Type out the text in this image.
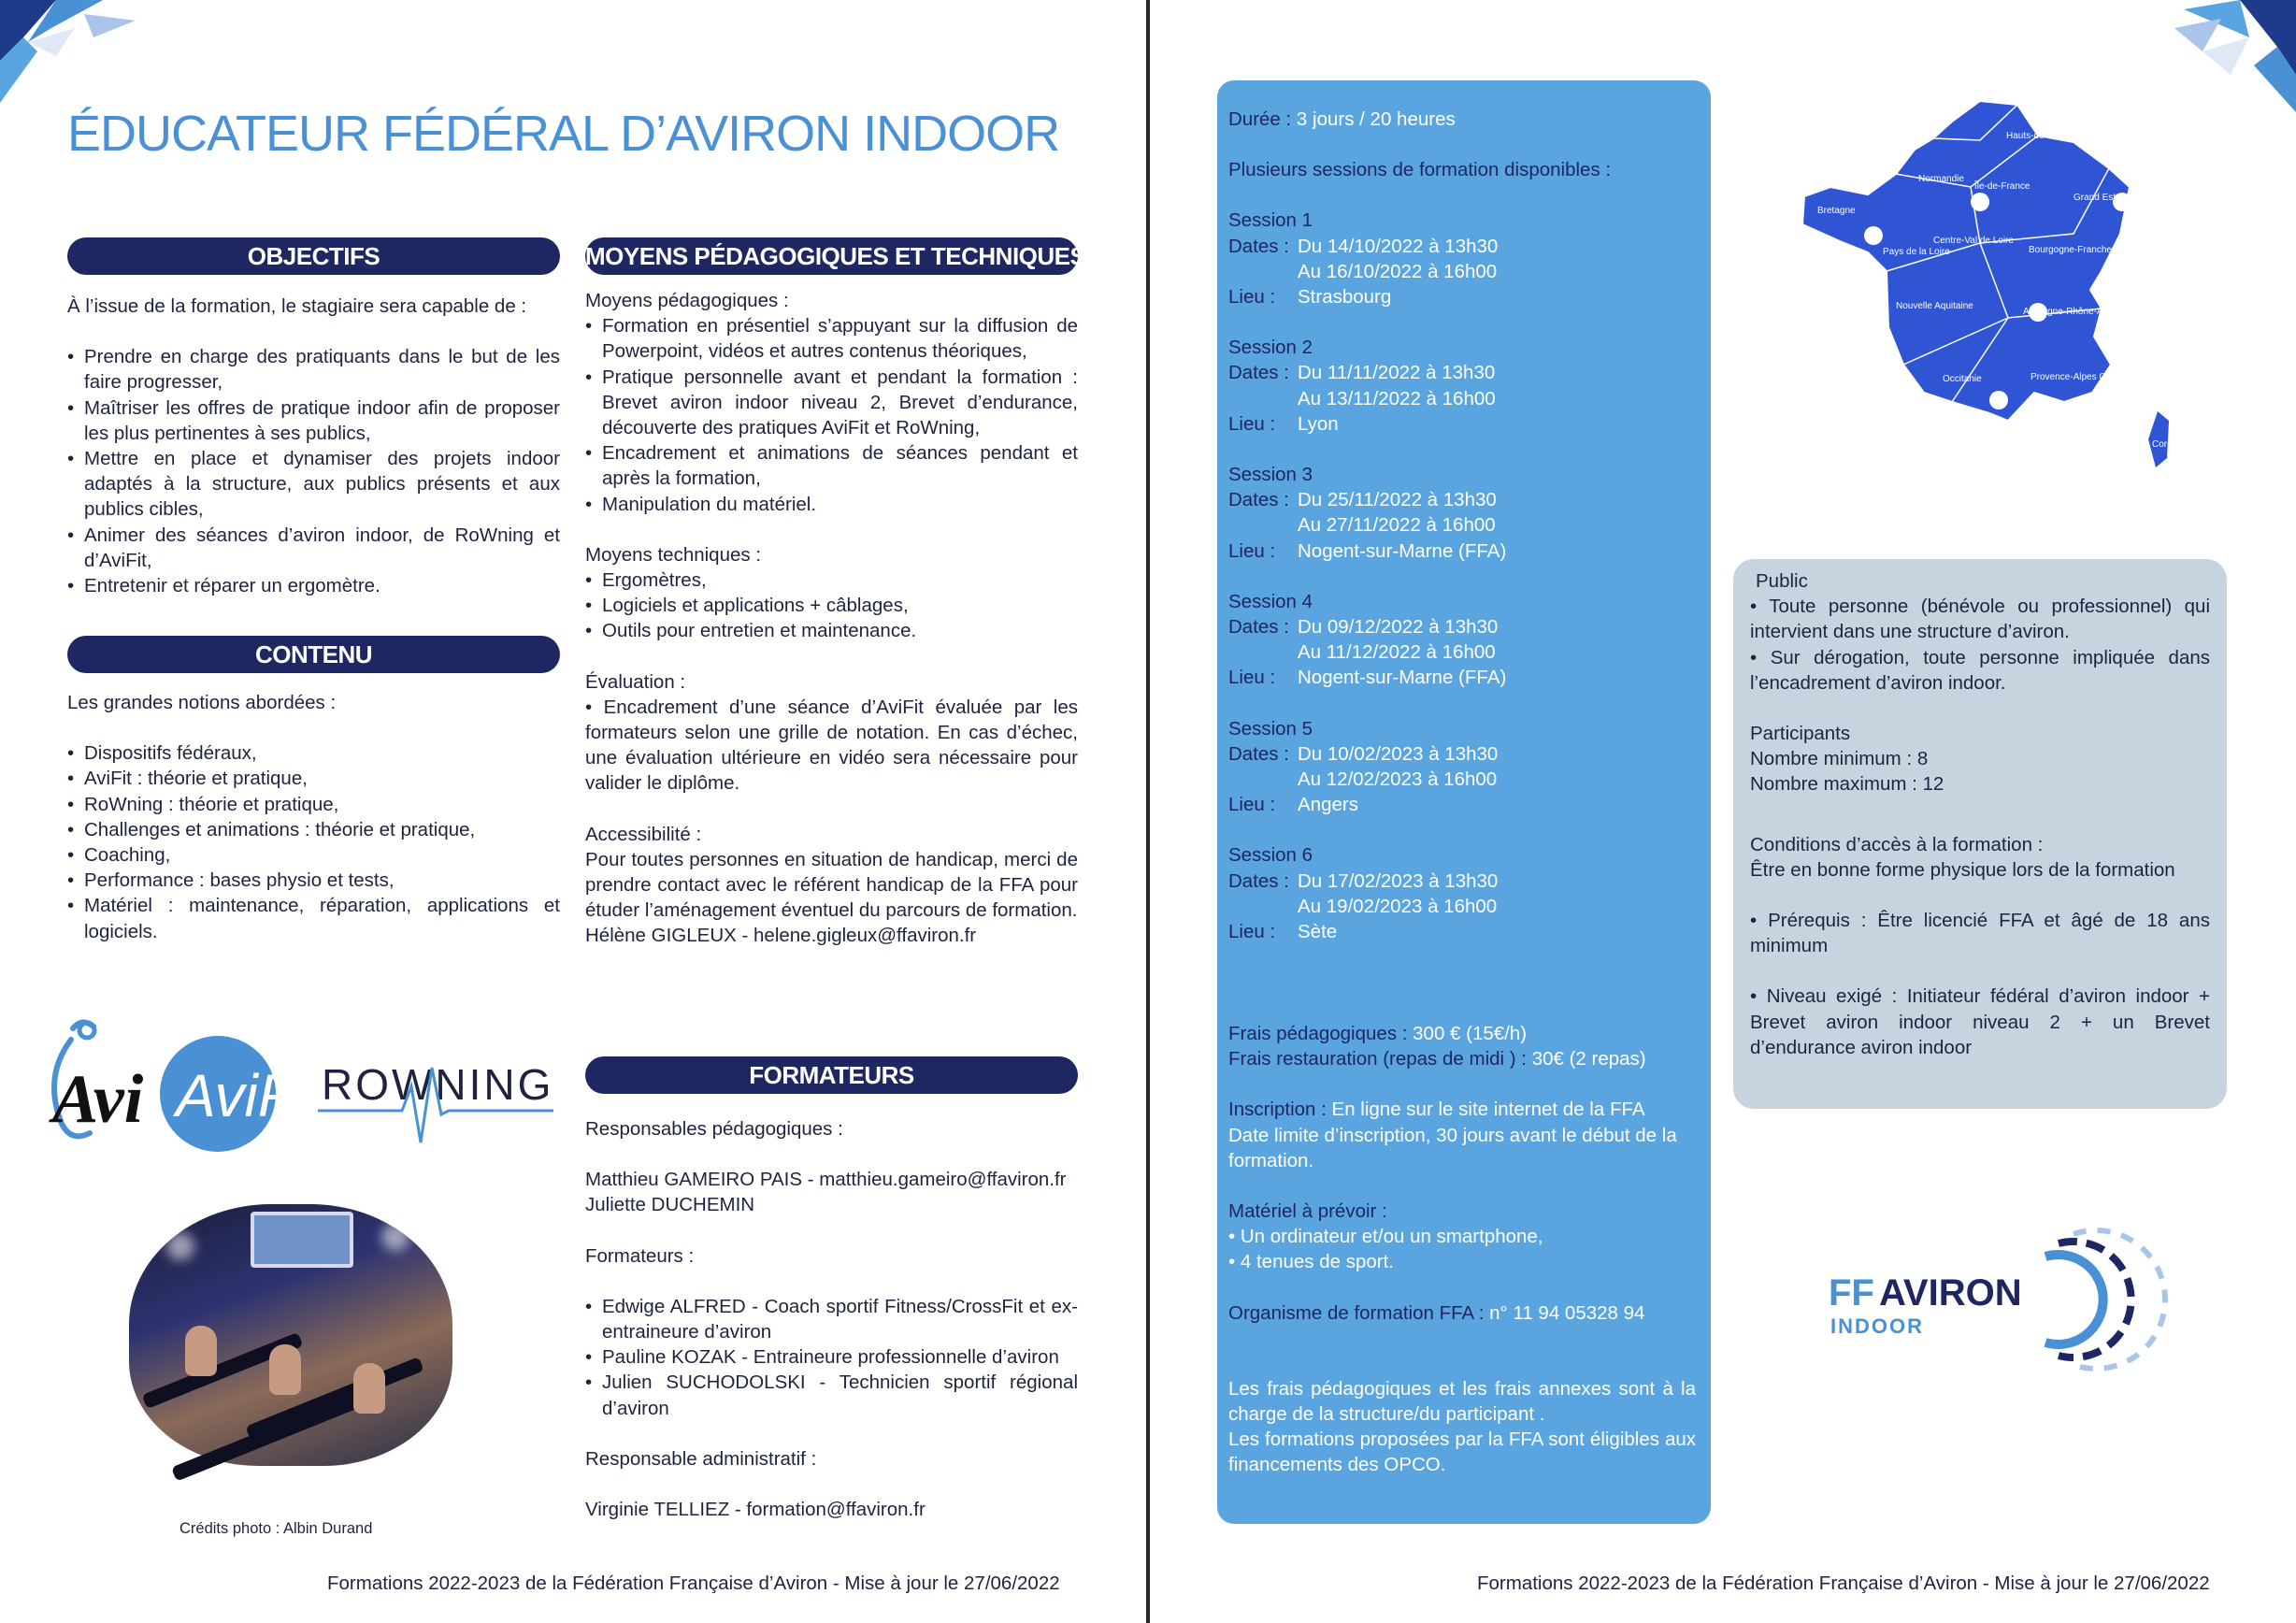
ÉDUCATEUR FÉDÉRAL D’AVIRON INDOOR
OBJECTIFS

À l’issue de la formation, le stagiaire sera capable de :

• Prendre en charge des pratiquants dans le but de les faire progresser,
• Maîtriser les offres de pratique indoor afin de proposer les plus pertinentes à ses publics,
• Mettre en place et dynamiser des projets indoor adaptés à la structure, aux publics présents et aux publics cibles,
• Animer des séances d’aviron indoor, de RoWning et d’AviFit,
• Entretenir et réparer un ergomètre.
CONTENU

Les grandes notions abordées :

• Dispositifs fédéraux,
• AviFit : théorie et pratique,
• RoWning : théorie et pratique,
• Challenges et animations : théorie et pratique,
• Coaching,
• Performance : bases physio et tests,
• Matériel : maintenance, réparation, applications et logiciels.
MOYENS PÉDAGOGIQUES ET TECHNIQUES

Moyens pédagogiques :

• Formation en présentiel s’appuyant sur la diffusion de Powerpoint, vidéos et autres contenus théoriques,
• Pratique personnelle avant et pendant la formation : Brevet aviron indoor niveau 2, Brevet d’endurance, découverte des pratiques AviFit et RoWning,
• Encadrement et animations de séances pendant et après la formation,
• Manipulation du matériel.

Moyens techniques :

• Ergomètres,
• Logiciels et applications + câblages,
• Outils pour entretien et maintenance.

Évaluation :

• Encadrement d’une séance d’AviFit évaluée par les formateurs selon une grille de notation. En cas d’échec, une évaluation ultérieure en vidéo sera nécessaire pour valider le diplôme.

Accessibilité :

Pour toutes personnes en situation de handicap, merci de prendre contact avec le référent handicap de la FFA pour étuder l’aménagement éventuel du parcours de formation.

Hélène GIGLEUX - helene.gigleux@ffaviron.fr

FORMATEURS

Responsables pédagogiques :

Matthieu GAMEIRO PAIS - matthieu.gameiro@ffaviron.fr

Juliette DUCHEMIN

Formateurs :

• Edwige ALFRED - Coach sportif Fitness/CrossFit et ex-entraineure d’aviron
• Pauline KOZAK - Entraineure professionnelle d’aviron
• Julien SUCHODOLSKI - Technicien sportif régional d’aviron

Responsable administratif :

Virginie TELLIEZ - formation@ffaviron.fr

Avi AviFit
ROWNING
Crédits photo : Albin Durand
Formations 2022-2023 de la Fédération Française d’Aviron - Mise à jour le 27/06/2022

Durée : 3 jours / 20 heures

Plusieurs sessions de formation disponibles :

Session 1
Dates : Du 14/10/2022 à 13h30
Au 16/10/2022 à 16h00
Lieu :	Strasbourg
Session 2
Dates : Du 11/11/2022 à 13h30
Au 13/11/2022 à 16h00
Lieu :	Lyon
Session 3
Dates : Du 25/11/2022 à 13h30
Au 27/11/2022 à 16h00
Lieu :	Nogent-sur-Marne (FFA)
Session 4
Dates : Du 09/12/2022 à 13h30
Au 11/12/2022 à 16h00
Lieu :	Nogent-sur-Marne (FFA)
Session 5
Dates : Du 10/02/2023 à 13h30
Au 12/02/2023 à 16h00
Lieu :	Angers
Session 6
Dates : Du 17/02/2023 à 13h30
Au 19/02/2023 à 16h00
Lieu :	Sète

Frais pédagogiques : 300 € (15€/h)

Frais restauration (repas de midi ) : 30€ (2 repas)

Inscription : En ligne sur le site internet de la FFA

Date limite d’inscription, 30 jours avant le début de la formation.

Matériel à prévoir :

• Un ordinateur et/ou un smartphone,

• 4 tenues de sport.

Organisme de formation FFA : n° 11 94 05328 94

Les frais pédagogiques et les frais annexes sont à la charge de la structure/du participant .

Les formations proposées par la FFA sont éligibles aux financements des OPCO.

Hauts-de-France
Normandie
Île-de-France
Grand Est
Bretagne
Pays de la Loire
Centre-Val de Loire
Bourgogne-Franche-Comté
Nouvelle Aquitaine
Auvergne-Rhône-Alpes
Occitanie	Provence-Alpes Côte d’Azur
Corse

Public

• Toute personne (bénévole ou professionnel) qui intervient dans une structure d’aviron.

• Sur dérogation, toute personne impliquée dans l’encadrement d’aviron indoor.

Participants

Nombre minimum : 8

Nombre maximum : 12

Conditions d’accès à la formation :

Être en bonne forme physique lors de la formation

• Prérequis : Être licencié FFA et âgé de 18 ans minimum

• Niveau exigé : Initiateur fédéral d’aviron indoor + Brevet aviron indoor niveau 2 + un Brevet d’endurance aviron indoor

FF AVIRON
INDOOR
Formations 2022-2023 de la Fédération Française d’Aviron - Mise à jour le 27/06/2022
